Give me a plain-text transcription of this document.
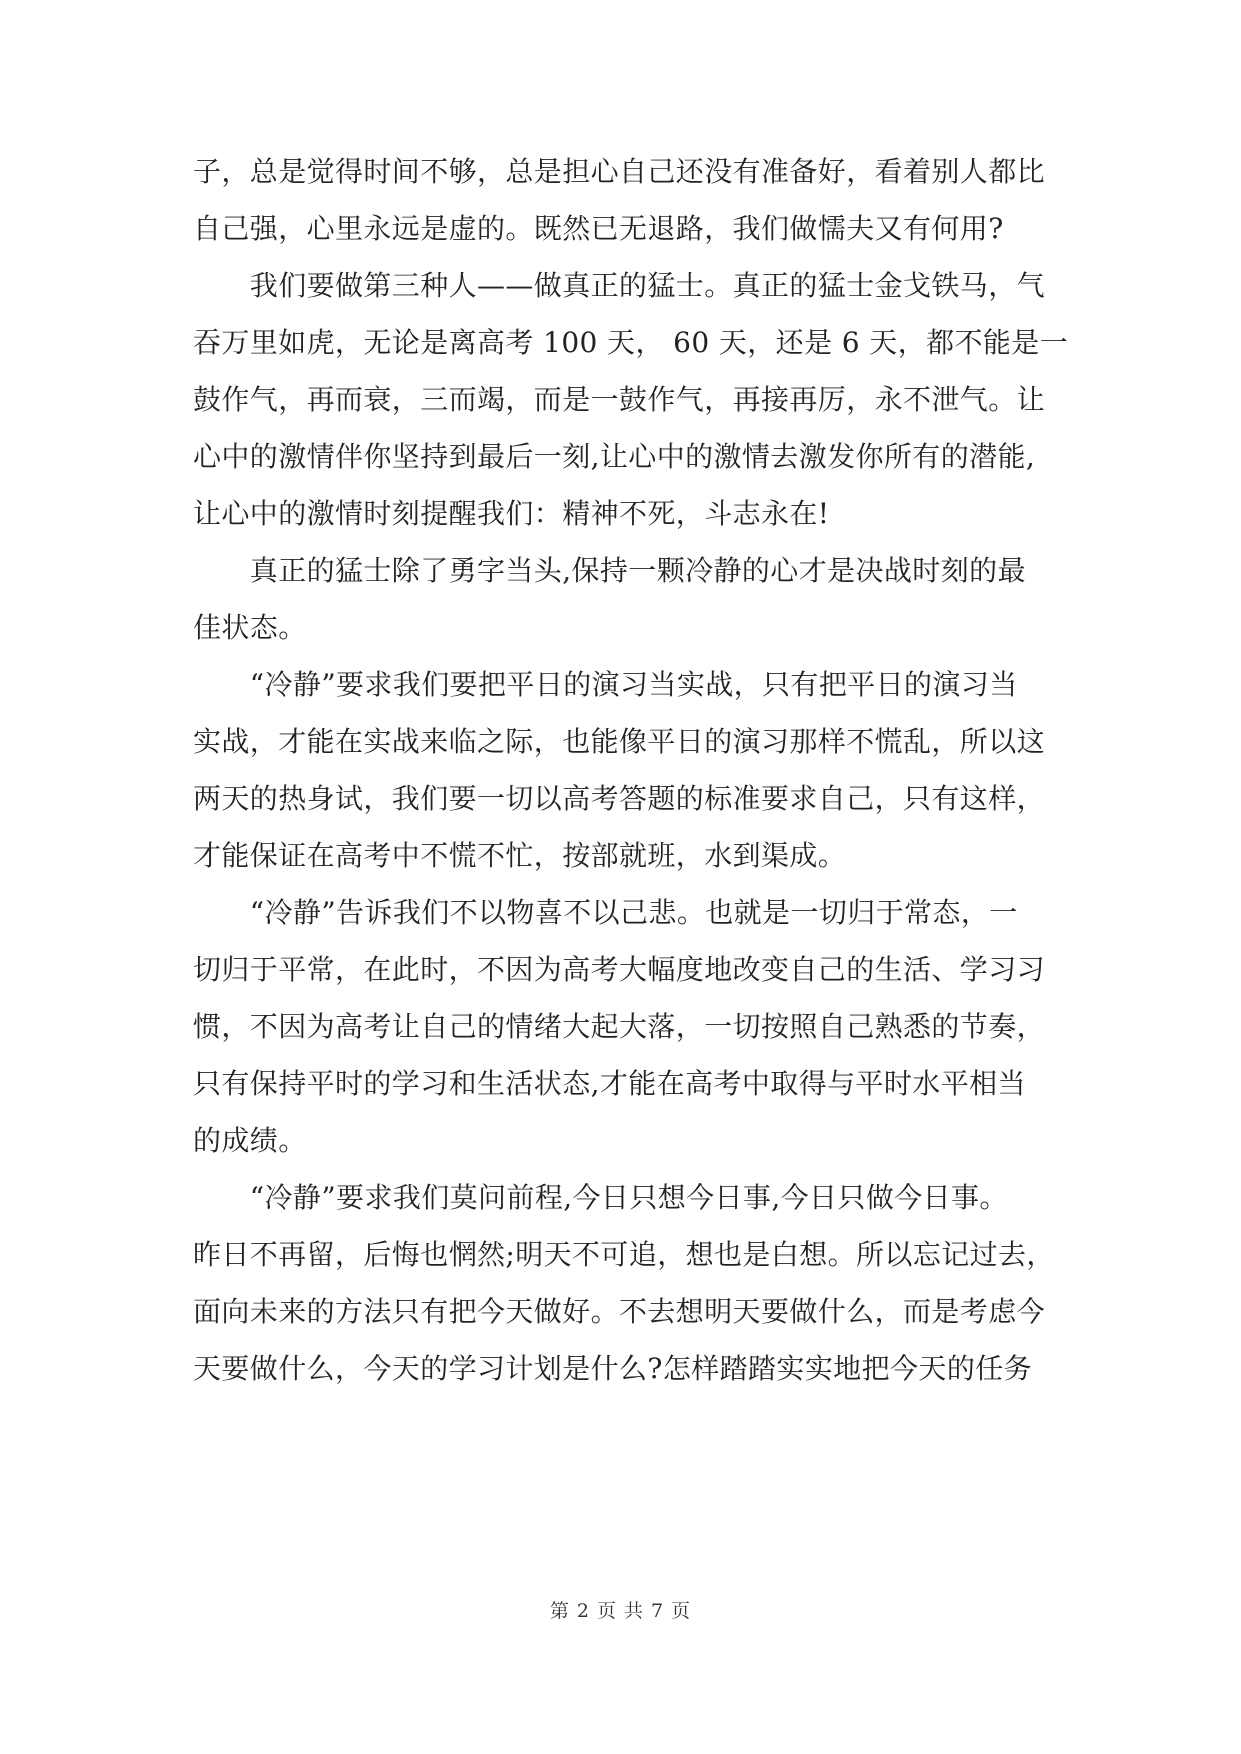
子，总是觉得时间不够，总是担心自己还没有准备好，看着别人都比
自己强，心里永远是虚的。既然已无退路，我们做懦夫又有何用?
　　我们要做第三种人——做真正的猛士。真正的猛士金戈铁马，气
吞万里如虎，无论是离高考 100 天， 60 天，还是 6 天，都不能是一
鼓作气，再而衰，三而竭，而是一鼓作气，再接再厉，永不泄气。让
心中的激情伴你坚持到最后一刻,让心中的激情去激发你所有的潜能,
让心中的激情时刻提醒我们：精神不死，斗志永在!
　　真正的猛士除了勇字当头,保持一颗冷静的心才是决战时刻的最
佳状态。
　　“冷静”要求我们要把平日的演习当实战，只有把平日的演习当
实战，才能在实战来临之际，也能像平日的演习那样不慌乱，所以这
两天的热身试，我们要一切以高考答题的标准要求自己，只有这样，
才能保证在高考中不慌不忙，按部就班，水到渠成。
　　“冷静”告诉我们不以物喜不以己悲。也就是一切归于常态，一
切归于平常，在此时，不因为高考大幅度地改变自己的生活、学习习
惯，不因为高考让自己的情绪大起大落，一切按照自己熟悉的节奏，
只有保持平时的学习和生活状态,才能在高考中取得与平时水平相当
的成绩。
　　“冷静”要求我们莫问前程,今日只想今日事,今日只做今日事。
昨日不再留，后悔也惘然;明天不可追，想也是白想。所以忘记过去，
面向未来的方法只有把今天做好。不去想明天要做什么，而是考虑今
天要做什么，今天的学习计划是什么?怎样踏踏实实地把今天的任务
第 2 页 共 7 页
